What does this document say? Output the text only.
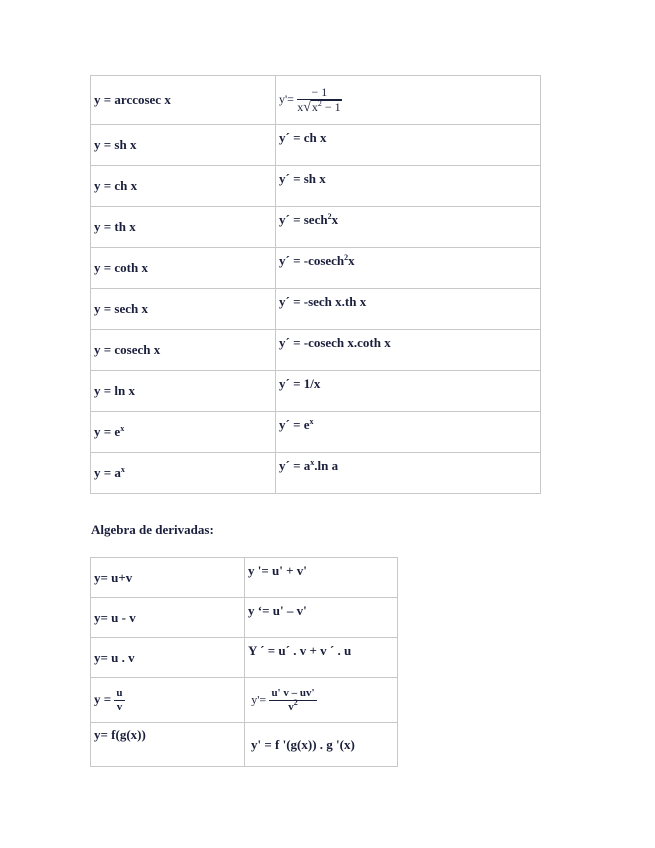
y = arccosec x	$y'= \frac{- 1}{x√x^2 - 1}$

y = sh x	y´ = ch x
y = ch x	y´ = sh x
y = th x	y´ = sech$^2$x
y = coth x	y´ = -cosech$^2$x
y = sech x	y´ = -sech x.th x
y = cosech x	y´ = -cosech x.coth x
y = ln x	y´ = 1/x
$y = e^x$	y´ = $e^x$
$y = a^x$	y´ = $a^x.\ln$ a
Algebra de derivadas:
y= u+v	y '= u' + v'
y= u - v	y ‘= u' – v'
y= u . v	Y ´ = u´ . v + v ´ . u
$y = \frac{u}{v}$	$y'= \frac{u' v - uv'}{v^2}$

y= f(g(x))	y' = f '(g(x)) . g '(x)
